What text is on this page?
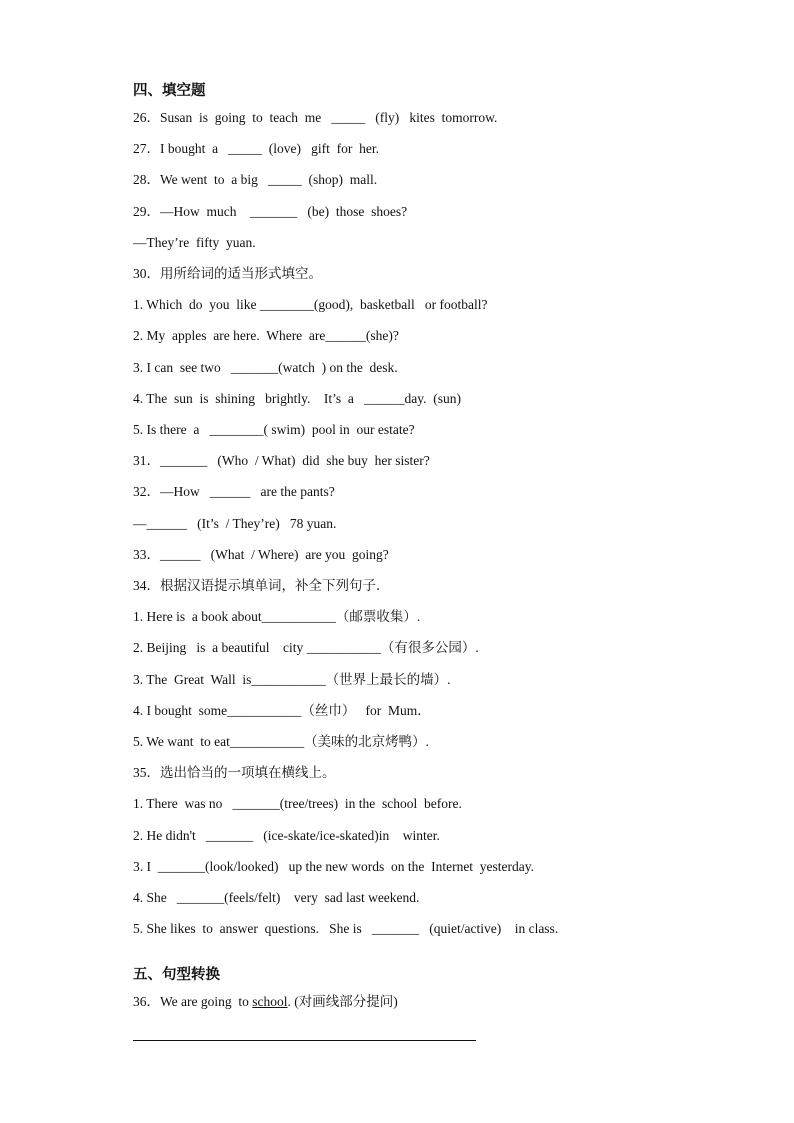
四、填空题
26．Susan  is  going  to  teach  me   _____   (fly)   kites  tomorrow.
27．I bought  a   _____  (love)   gift  for  her.
28．We went  to  a big   _____  (shop)  mall.
29．—How  much    _______   (be)  those  shoes?
—They’re  fifty  yuan.
30．用所给词的适当形式填空。
1. Which  do  you  like ________(good),  basketball   or football?
2. My  apples  are here.  Where  are______(she)?
3. I can  see two   _______(watch  ) on the  desk.
4. The  sun  is  shining   brightly.    It’s  a   ______day.  (sun)
5. Is there  a   ________( swim)  pool in  our estate?
31．_______   (Who  / What)  did  she buy  her sister?
32．—How   ______   are the pants?
—______   (It’s  / They’re)   78 yuan.
33．______   (What  / Where)  are you  going?
34．根据汉语提示填单词，补全下列句子．
1. Here is  a book about___________（邮票收集）.
2. Beijing   is  a beautiful    city ___________（有很多公园）.
3. The  Great  Wall  is___________（世界上最长的墙）.
4. I bought  some___________（丝巾）   for  Mum．
5. We want  to eat___________（美味的北京烤鸭）.
35．选出恰当的一项填在横线上。
1. There  was no   _______(tree/trees)  in the  school  before.
2. He didn't   _______   (ice-skate/ice-skated)in    winter.
3. I  _______(look/looked)   up the new words  on the  Internet  yesterday.
4. She   _______(feels/felt)    very  sad last weekend.
5. She likes  to  answer  questions.   She is   _______   (quiet/active)    in class.
五、句型转换
36．We are going  to school. (对画线部分提问)
